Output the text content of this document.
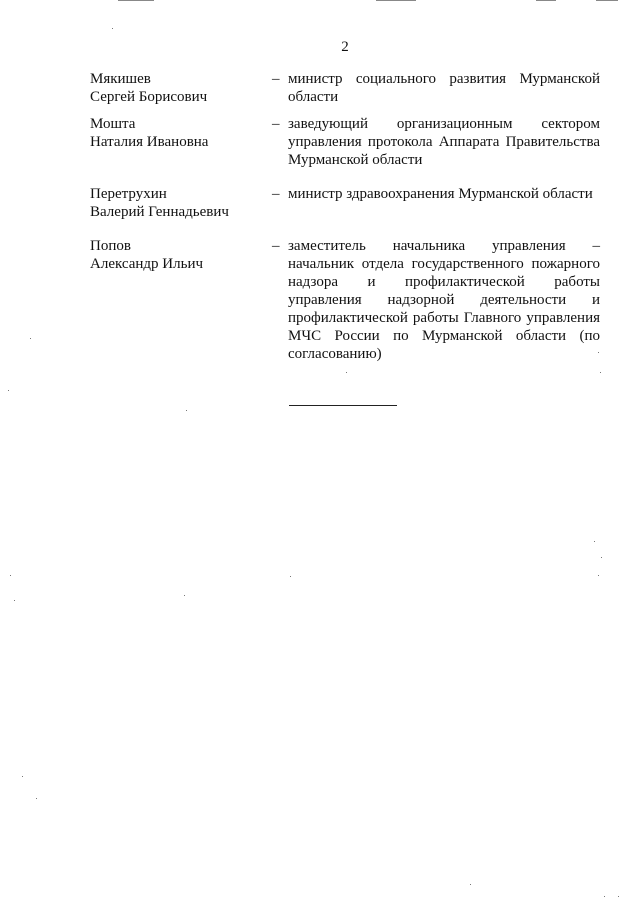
2
Мякишев
Сергей Борисович
– министр социального развития Мурманской области
Мошта
Наталия Ивановна
– заведующий организационным сектором управления протокола Аппарата Правительства Мурманской области
Перетрухин
Валерий Геннадьевич
– министр здравоохранения Мурманской области
Попов
Александр Ильич
– заместитель начальника управления – начальник отдела государственного пожарного надзора и профилактической работы управления надзорной деятельности и профилактической работы Главного управления МЧС России по Мурманской области (по согласованию)
